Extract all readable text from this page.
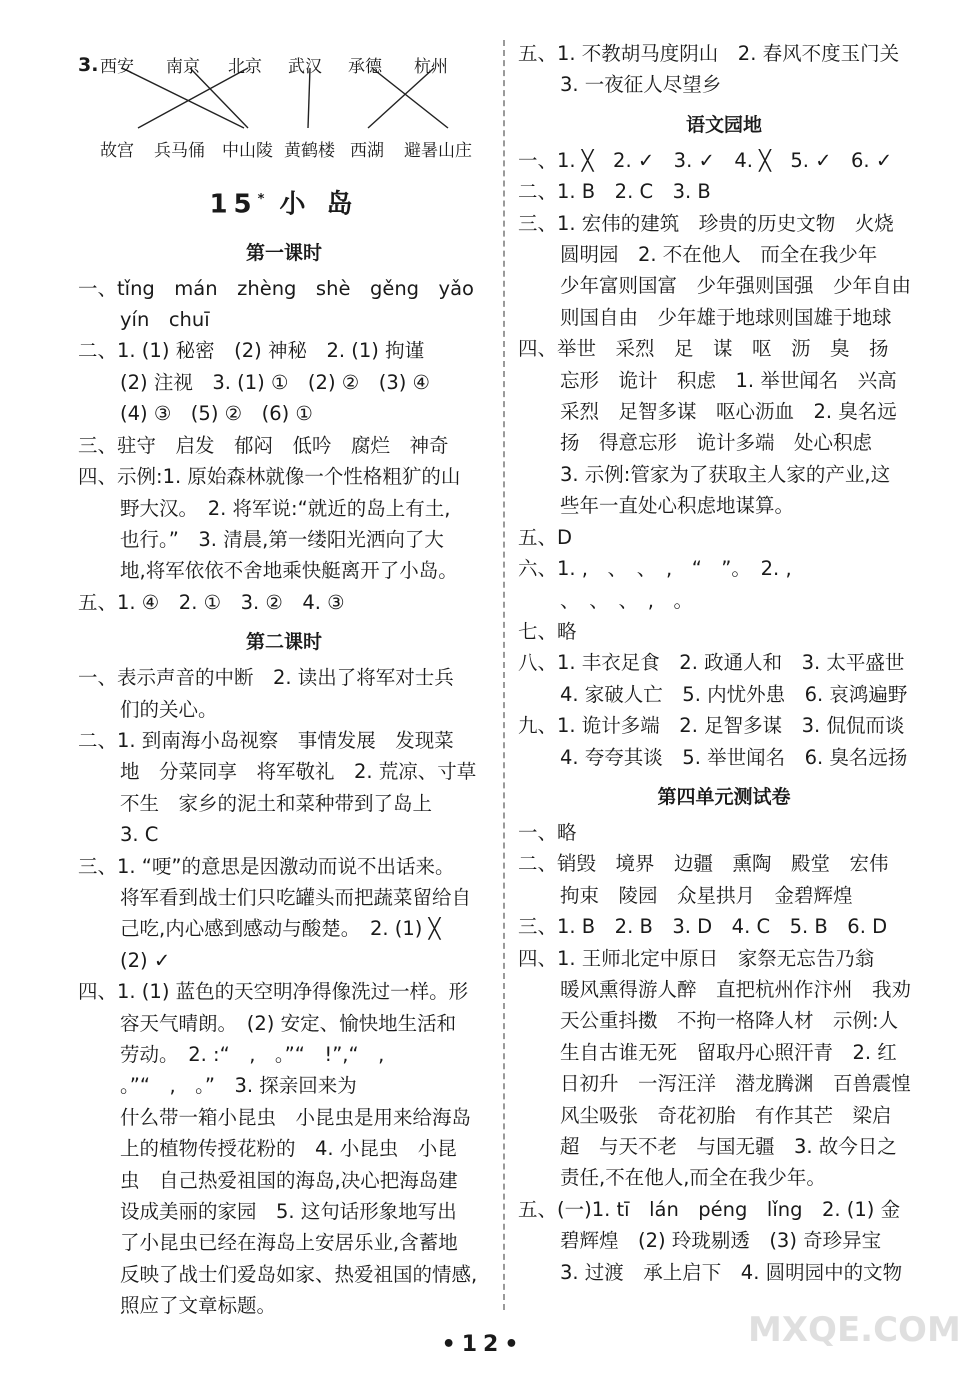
3. 西安 南京 北京 武汉 承德 杭州
故宫 兵马俑 中山陵 黄鹤楼 西湖 避暑山庄
15* 小 岛
第一课时
一、tǐng　mán　zhèng　shè　gěng　yǎo
yín　chuī
二、1. (1) 秘密　(2) 神秘　2. (1) 拘谨
(2) 注视　3. (1) ①　(2) ②　(3) ④
(4) ③　(5) ②　(6) ①
三、驻守　启发　郁闷　低吟　腐烂　神奇
四、示例:1. 原始森林就像一个性格粗犷的山
野大汉。　2. 将军说:“就近的岛上有土,
也行。”　3. 清晨,第一缕阳光洒向了大
地,将军依依不舍地乘快艇离开了小岛。
五、1. ④　2. ①　3. ②　4. ③
第二课时
一、表示声音的中断　2. 读出了将军对士兵
们的关心。
二、1. 到南海小岛视察　事情发展　发现菜
地　分菜同享　将军敬礼　2. 荒凉、寸草
不生　家乡的泥土和菜种带到了岛上
3. C
三、1. “哽”的意思是因激动而说不出话来。
将军看到战士们只吃罐头而把蔬菜留给自
己吃,内心感到感动与酸楚。　2. (1) ╳
(2) ✓
四、1. (1) 蓝色的天空明净得像洗过一样。形
容天气晴朗。　(2) 安定、愉快地生活和
劳动。　2. :“　,　。”“　!”,“　,
。”“　,　。”　3. 探亲回来为
什么带一箱小昆虫　小昆虫是用来给海岛
上的植物传授花粉的　4. 小昆虫　小昆
虫　自己热爱祖国的海岛,决心把海岛建
设成美丽的家园　5. 这句话形象地写出
了小昆虫已经在海岛上安居乐业,含蓄地
反映了战士们爱岛如家、热爱祖国的情感,
照应了文章标题。
五、1. 不教胡马度阴山　2. 春风不度玉门关
3. 一夜征人尽望乡
语文园地
一、1. ╳　2. ✓　3. ✓　4. ╳　5. ✓　6. ✓
二、1. B　2. C　3. B
三、1. 宏伟的建筑　珍贵的历史文物　火烧
圆明园　2. 不在他人　而全在我少年
少年富则国富　少年强则国强　少年自由
则国自由　少年雄于地球则国雄于地球
四、举世　采烈　足　谋　呕　沥　臭　扬
忘形　诡计　积虑　1. 举世闻名　兴高
采烈　足智多谋　呕心沥血　2. 臭名远
扬　得意忘形　诡计多端　处心积虑
3. 示例:管家为了获取主人家的产业,这
些年一直处心积虑地谋算。
五、D
六、1. ,　、　、　,　“　”。　2. ,
、　、　、　,　。
七、略
八、1. 丰衣足食　2. 政通人和　3. 太平盛世
4. 家破人亡　5. 内忧外患　6. 哀鸿遍野
九、1. 诡计多端　2. 足智多谋　3. 侃侃而谈
4. 夸夸其谈　5. 举世闻名　6. 臭名远扬
第四单元测试卷
一、略
二、销毁　境界　边疆　熏陶　殿堂　宏伟
拘束　陵园　众星拱月　金碧辉煌
三、1. B　2. B　3. D　4. C　5. B　6. D
四、1. 王师北定中原日　家祭无忘告乃翁
暖风熏得游人醉　直把杭州作汴州　我劝
天公重抖擞　不拘一格降人材　示例:人
生自古谁无死　留取丹心照汗青　2. 红
日初升　一泻汪洋　潜龙腾渊　百兽震惶
风尘吸张　奇花初胎　有作其芒　梁启
超　与天不老　与国无疆　3. 故今日之
责任,不在他人,而全在我少年。
五、(一)1. tī　lán　péng　lǐng　2. (1) 金
碧辉煌　(2) 玲珑剔透　(3) 奇珍异宝
3. 过渡　承上启下　4. 圆明园中的文物
•12•	MXQE.COM
